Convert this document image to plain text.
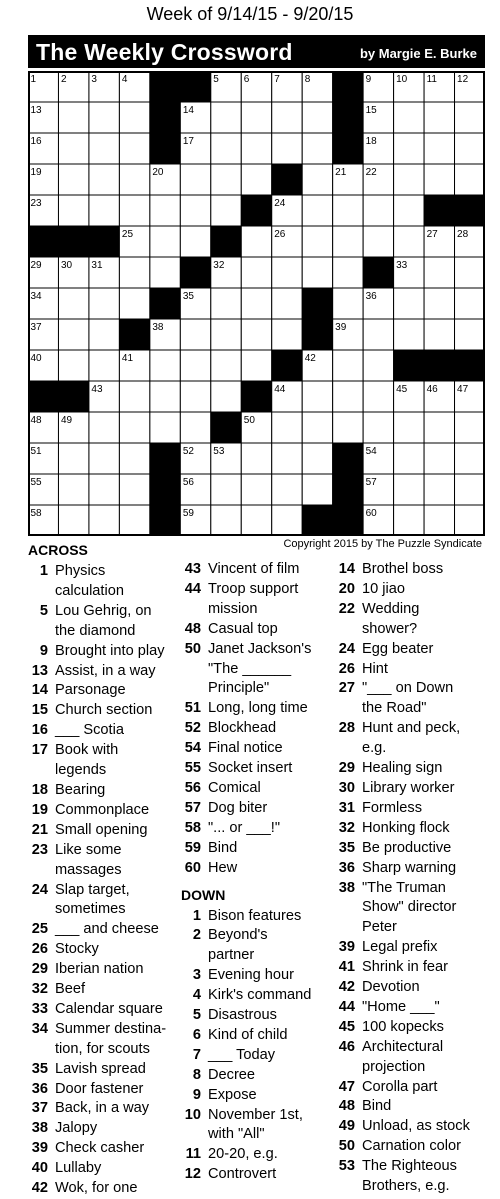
Week of 9/14/15 - 9/20/15
The Weekly Crossword	by Margie E. Burke
1 2 3 4	5 6 7 8	9 10 11 12
13	14	15
16	17	18
19	20	21 22
23	24
25	26	27 28
29 30 31	32	33
34	35	36
37	38	39
40	41	42
43	44	45 46 47
48 49	50
51	52 53	54
55	56	57
58	59	60
Copyright 2015 by The Puzzle Syndicate
ACROSS
1 Physics
calculation
5 Lou Gehrig, on
the diamond
9 Brought into play
13 Assist, in a way
14 Parsonage
15 Church section
16 ___ Scotia
17 Book with
legends
18 Bearing
19 Commonplace
21 Small opening
23 Like some
massages
24 Slap target,
sometimes
25 ___ and cheese
26 Stocky
29 Iberian nation
32 Beef
33 Calendar square
34 Summer destina-
tion, for scouts
35 Lavish spread
36 Door fastener
37 Back, in a way
38 Jalopy
39 Check casher
40 Lullaby
42 Wok, for one
43 Vincent of film
44 Troop support
mission
48 Casual top
50 Janet Jackson's
"The ______
Principle"
51 Long, long time
52 Blockhead
54 Final notice
55 Socket insert
56 Comical
57 Dog biter
58 "... or ___!"
59 Bind
60 Hew
DOWN
1 Bison features
2 Beyond's
partner
3 Evening hour
4 Kirk's command
5 Disastrous
6 Kind of child
7 ___ Today
8 Decree
9 Expose
10 November 1st,
with "All"
11 20-20, e.g.
12 Controvert
14 Brothel boss
20 10 jiao
22 Wedding
shower?
24 Egg beater
26 Hint
27 "___ on Down
the Road"
28 Hunt and peck,
e.g.
29 Healing sign
30 Library worker
31 Formless
32 Honking flock
35 Be productive
36 Sharp warning
38 "The Truman
Show" director
Peter
39 Legal prefix
41 Shrink in fear
42 Devotion
44 "Home ___"
45 100 kopecks
46 Architectural
projection
47 Corolla part
48 Bind
49 Unload, as stock
50 Carnation color
53 The Righteous
Brothers, e.g.
